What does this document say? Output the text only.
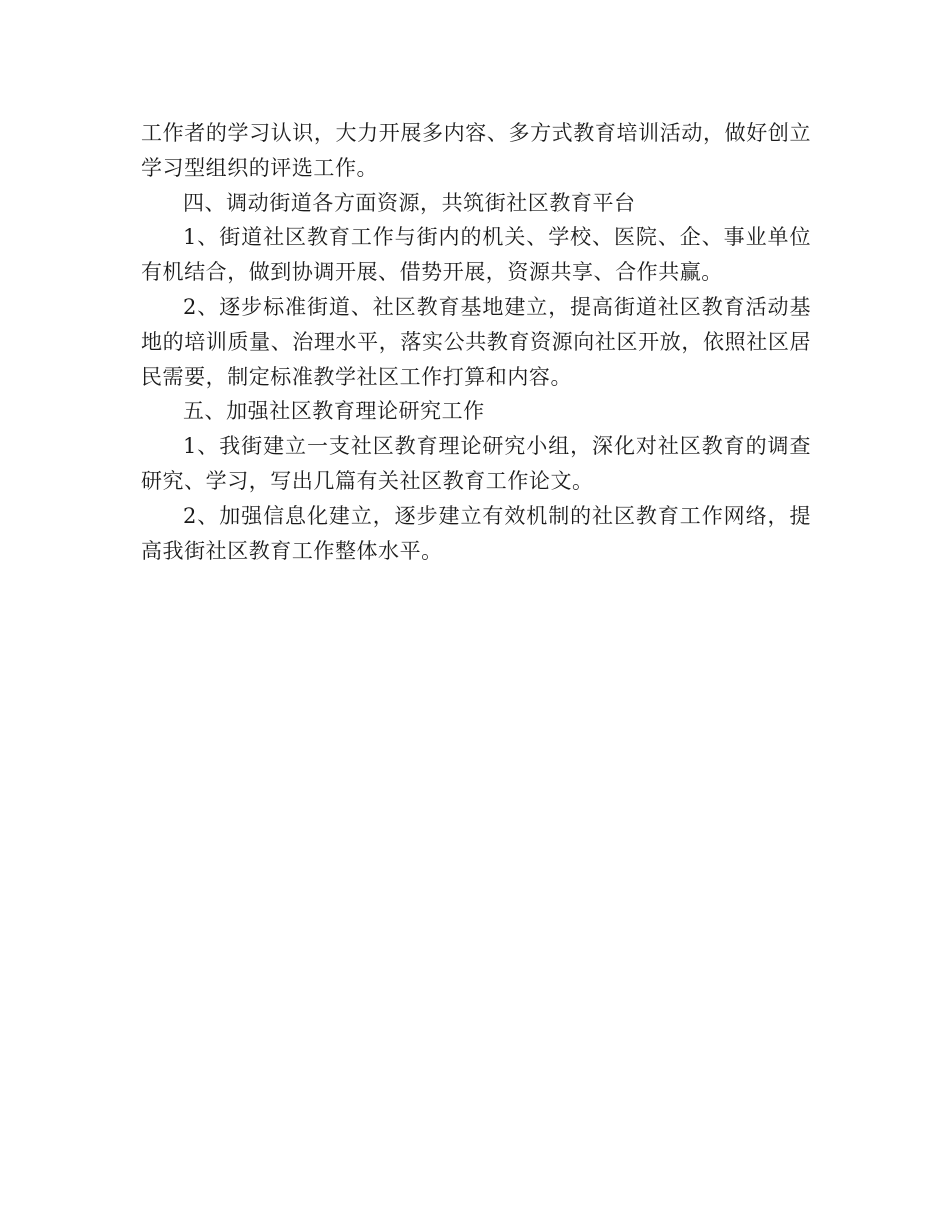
工作者的学习认识，大力开展多内容、多方式教育培训活动，做好创立学习型组织的评选工作。

四、调动街道各方面资源，共筑街社区教育平台

1、街道社区教育工作与街内的机关、学校、医院、企、事业单位有机结合，做到协调开展、借势开展，资源共享、合作共赢。

2、逐步标准街道、社区教育基地建立，提高街道社区教育活动基地的培训质量、治理水平，落实公共教育资源向社区开放，依照社区居民需要，制定标准教学社区工作打算和内容。

五、加强社区教育理论研究工作

1、我街建立一支社区教育理论研究小组，深化对社区教育的调查研究、学习，写出几篇有关社区教育工作论文。

2、加强信息化建立，逐步建立有效机制的社区教育工作网络，提高我街社区教育工作整体水平。
